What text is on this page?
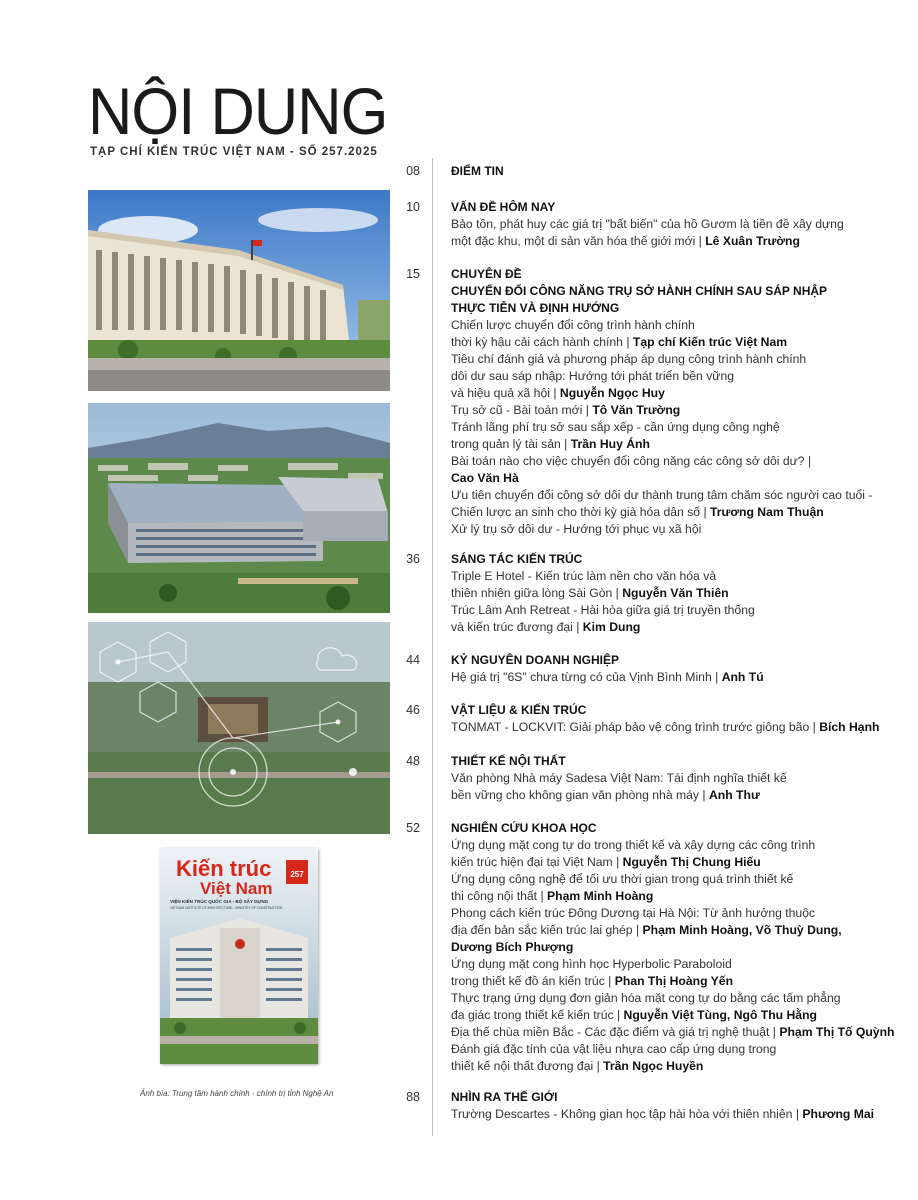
NỘI DUNG
TẠP CHÍ KIẾN TRÚC VIỆT NAM - SỐ 257.2025
Kiến trúc
Việt Nam
257
VIỆN KIẾN TRÚC QUỐC GIA - BỘ XÂY DỰNG
VIETNAM INSTITUTE OF ARCHITECTURE - MINISTRY OF CONSTRUCTION
Ảnh bìa: Trung tâm hành chính - chính trị tỉnh Nghệ An
08	ĐIỂM TIN
10	VẤN ĐỀ HÔM NAY
Bảo tồn, phát huy các giá trị "bất biến" của hồ Gươm là tiền đề xây dựng
một đặc khu, một di sản văn hóa thế giới mới | Lê Xuân Trường
15	CHUYÊN ĐỀ
CHUYỂN ĐỔI CÔNG NĂNG TRỤ SỞ HÀNH CHÍNH SAU SÁP NHẬP
THỰC TIỄN VÀ ĐỊNH HƯỚNG
Chiến lược chuyển đổi công trình hành chính
thời kỳ hậu cải cách hành chính | Tạp chí Kiến trúc Việt Nam
Tiêu chí đánh giá và phương pháp áp dụng công trình hành chính
dôi dư sau sáp nhập: Hướng tới phát triển bền vững
và hiệu quả xã hội | Nguyễn Ngọc Huy
Trụ sở cũ - Bài toán mới | Tô Văn Trường
Tránh lãng phí trụ sở sau sắp xếp - cần ứng dụng công nghệ
trong quản lý tài sản | Trần Huy Ánh
Bài toán nào cho việc chuyển đổi công năng các công sở dôi dư? |
Cao Văn Hà
Ưu tiên chuyển đổi công sở dôi dư thành trung tâm chăm sóc người cao tuổi -
Chiến lược an sinh cho thời kỳ già hóa dân số | Trương Nam Thuận
Xử lý trụ sở dôi dư - Hướng tới phục vụ xã hội
36	SÁNG TÁC KIẾN TRÚC
Triple E Hotel - Kiến trúc làm nền cho văn hóa và
thiên nhiên giữa lòng Sài Gòn | Nguyễn Văn Thiên
Trúc Lâm Anh Retreat - Hài hòa giữa giá trị truyền thống
và kiến trúc đương đại | Kim Dung
44	KỶ NGUYÊN DOANH NGHIỆP
Hệ giá trị "6S" chưa từng có của Vịnh Bình Minh | Anh Tú
46	VẬT LIỆU & KIẾN TRÚC
TONMAT - LOCKVIT: Giải pháp bảo vệ công trình trước giông bão | Bích Hạnh
48	THIẾT KẾ NỘI THẤT
Văn phòng Nhà máy Sadesa Việt Nam: Tái định nghĩa thiết kế
bền vững cho không gian văn phòng nhà máy | Anh Thư
52	NGHIÊN CỨU KHOA HỌC
Ứng dụng mặt cong tự do trong thiết kế và xây dựng các công trình
kiến trúc hiện đại tại Việt Nam | Nguyễn Thị Chung Hiếu
Ứng dụng công nghệ để tối ưu thời gian trong quá trình thiết kế
thi công nội thất | Phạm Minh Hoàng
Phong cách kiến trúc Đông Dương tại Hà Nội: Từ ảnh hưởng thuộc
địa đến bản sắc kiến trúc lai ghép | Phạm Minh Hoàng, Võ Thuỳ Dung,
Dương Bích Phượng
Ứng dụng mặt cong hình học Hyperbolic Paraboloid
trong thiết kế đồ án kiến trúc | Phan Thị Hoàng Yến
Thực trạng ứng dụng đơn giản hóa mặt cong tự do bằng các tấm phẳng
đa giác trong thiết kế kiến trúc | Nguyễn Việt Tùng, Ngô Thu Hằng
Địa thế chùa miền Bắc - Các đặc điểm và giá trị nghệ thuật | Phạm Thị Tố Quỳnh
Đánh giá đặc tính của vật liệu nhựa cao cấp ứng dụng trong
thiết kế nội thất đương đại | Trần Ngọc Huyền
88	NHÌN RA THẾ GIỚI
Trường Descartes - Không gian học tập hài hòa với thiên nhiên | Phương Mai
